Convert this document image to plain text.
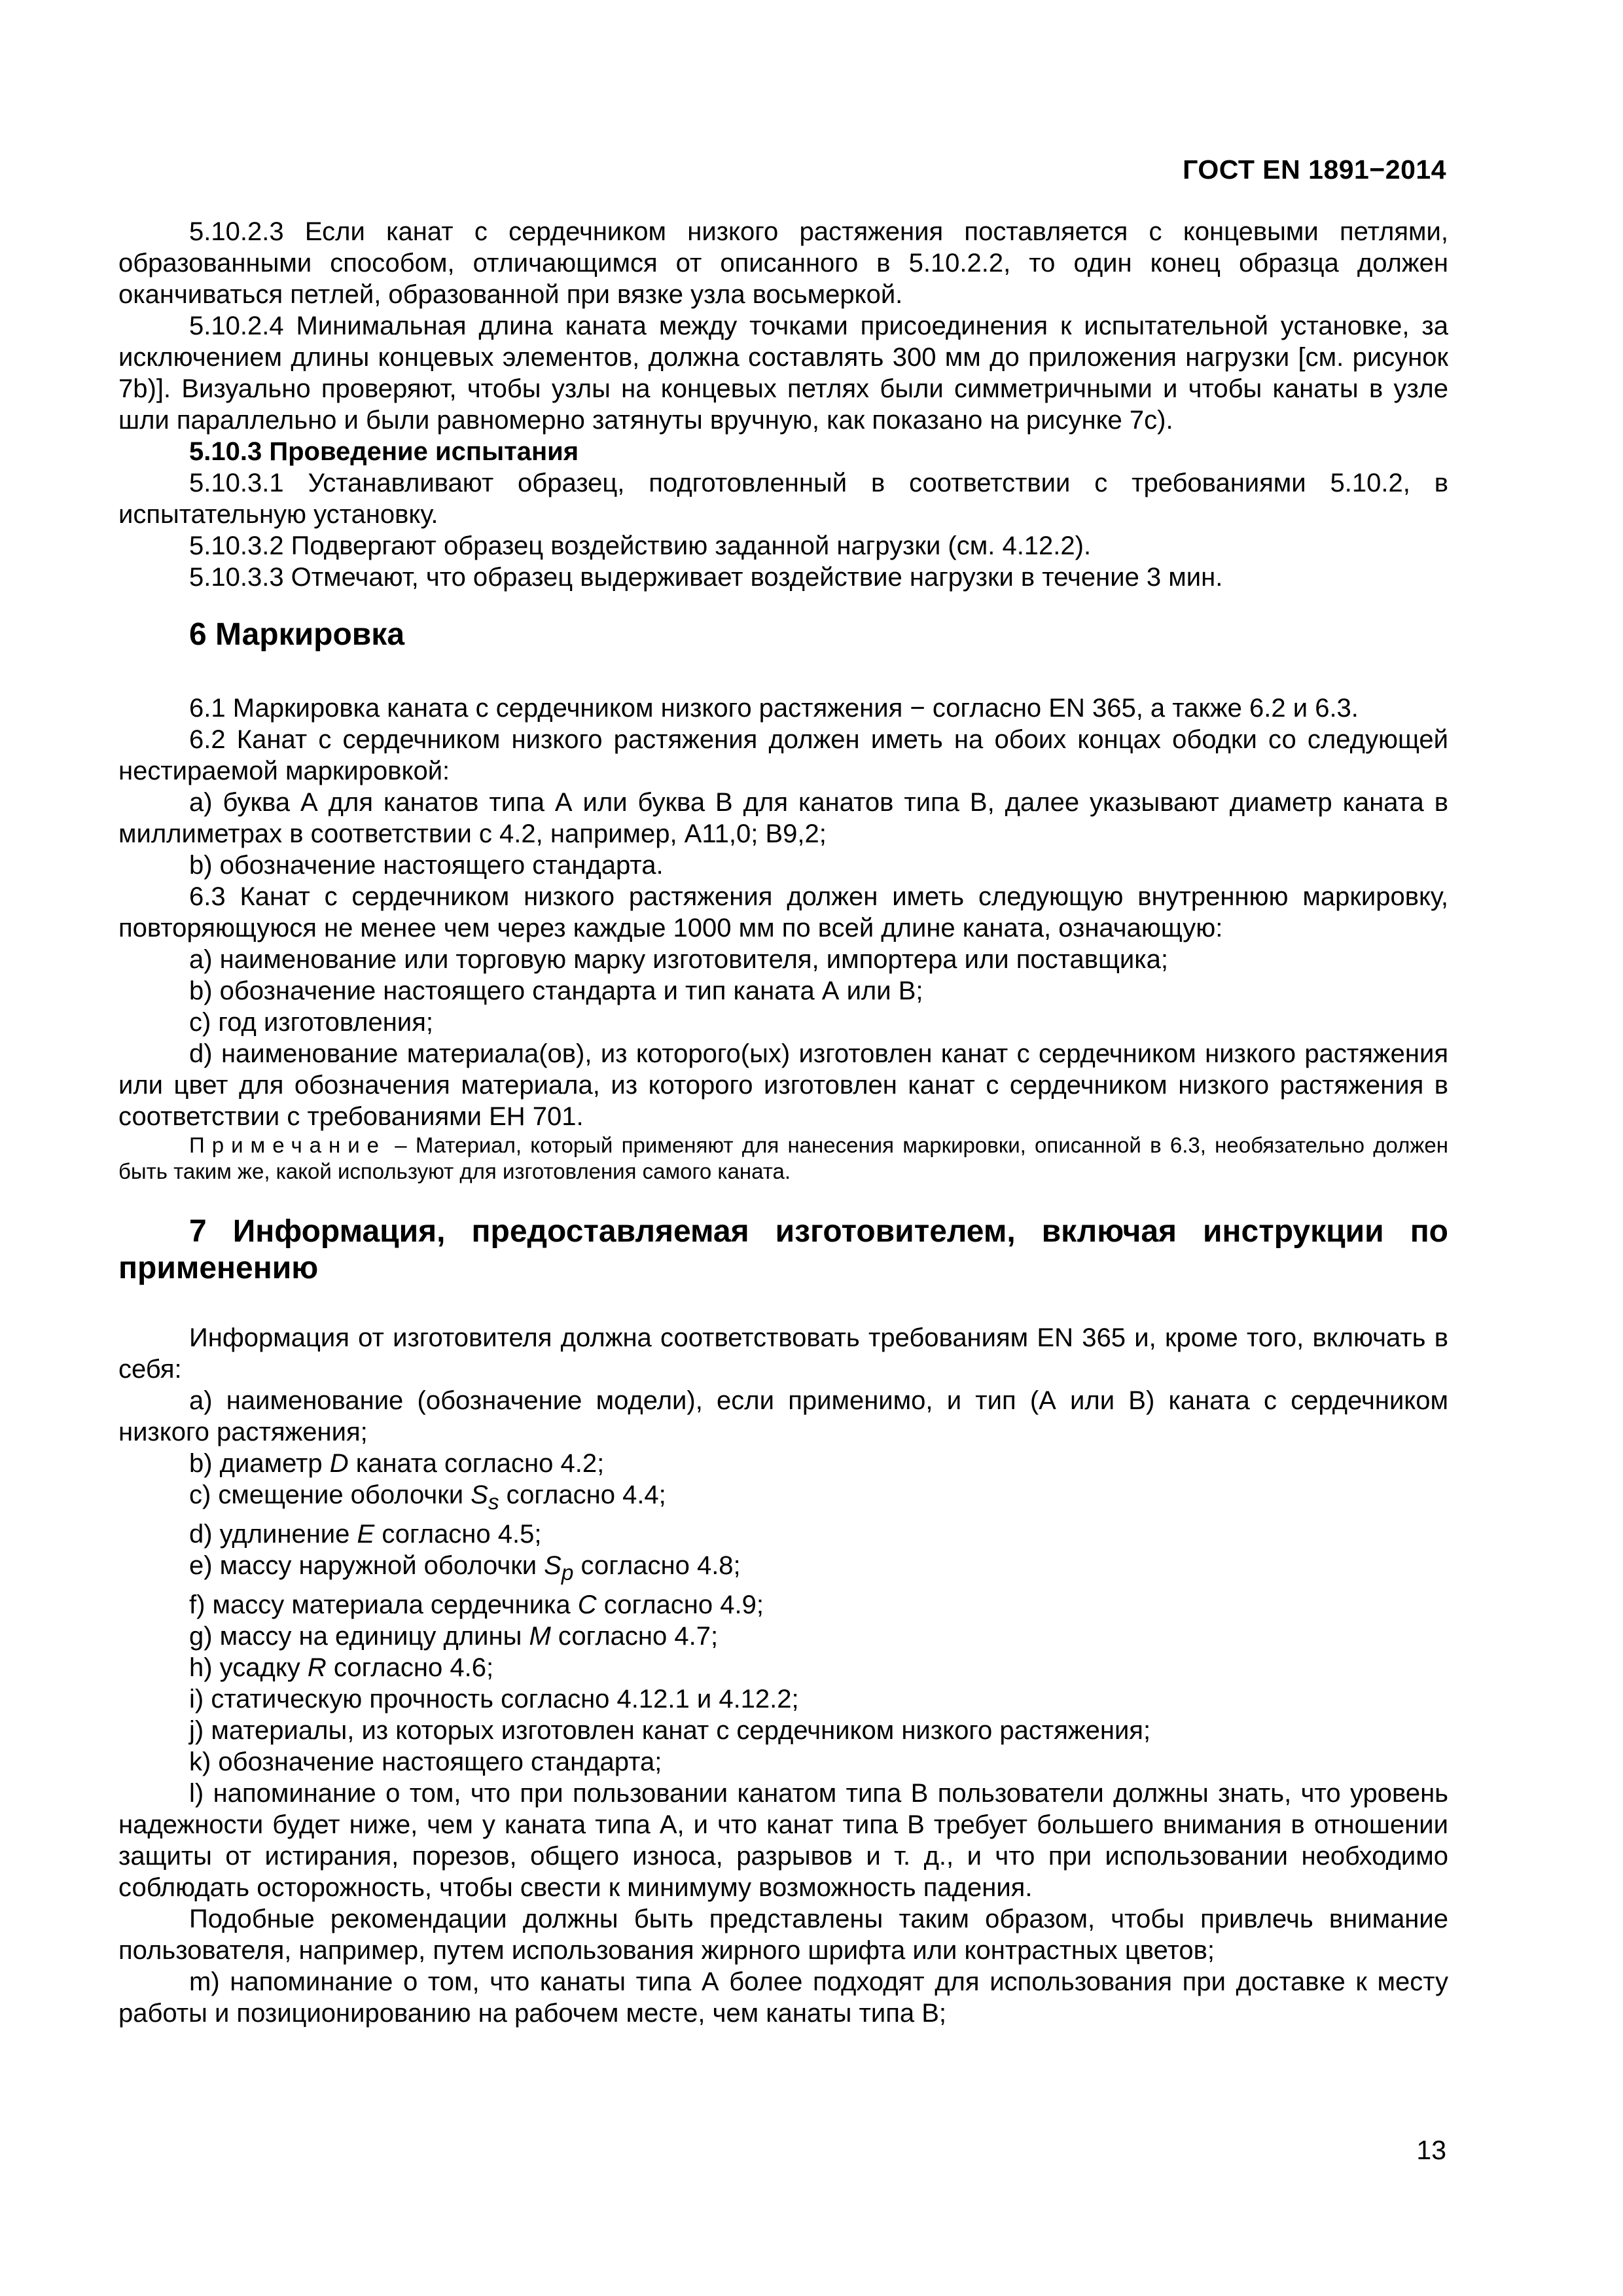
ГОСТ EN 1891−2014

5.10.2.3 Если канат с сердечником низкого растяжения поставляется с концевыми петлями, образованными способом, отличающимся от описанного в 5.10.2.2, то один конец образца должен оканчиваться петлей, образованной при вязке узла восьмеркой.

5.10.2.4 Минимальная длина каната между точками присоединения к испытательной установке, за исключением длины концевых элементов, должна составлять 300 мм до приложения нагрузки [см. рисунок 7b)]. Визуально проверяют, чтобы узлы на концевых петлях были симметричными и чтобы канаты в узле шли параллельно и были равномерно затянуты вручную, как показано на рисунке 7с).

5.10.3 Проведение испытания

5.10.3.1 Устанавливают образец, подготовленный в соответствии с требованиями 5.10.2, в испытательную установку.

5.10.3.2 Подвергают образец воздействию заданной нагрузки (см. 4.12.2).

5.10.3.3 Отмечают, что образец выдерживает воздействие нагрузки в течение 3 мин.

6 Маркировка

6.1 Маркировка каната с сердечником низкого растяжения − согласно EN 365, а также 6.2 и 6.3.

6.2 Канат с сердечником низкого растяжения должен иметь на обоих концах ободки со следующей нестираемой маркировкой:

а) буква А для канатов типа А или буква В для канатов типа В, далее указывают диаметр каната в миллиметрах в соответствии с 4.2, например, А11,0; В9,2;

b) обозначение настоящего стандарта.

6.3 Канат с сердечником низкого растяжения должен иметь следующую внутреннюю маркировку, повторяющуюся не менее чем через каждые 1000 мм по всей длине каната, означающую:

а) наименование или торговую марку изготовителя, импортера или поставщика;

b) обозначение настоящего стандарта и тип каната А или В;

с) год изготовления;

d) наименование материала(ов), из которого(ых) изготовлен канат с сердечником низкого растяжения или цвет для обозначения материала, из которого изготовлен канат с сердечником низкого растяжения в соответствии с требованиями ЕН 701.

Примечание – Материал, который применяют для нанесения маркировки, описанной в 6.3, необязательно должен быть таким же, какой используют для изготовления самого каната.

7 Информация, предоставляемая изготовителем, включая инструкции по применению

Информация от изготовителя должна соответствовать требованиям EN 365 и, кроме того, включать в себя:

а) наименование (обозначение модели), если применимо, и тип (А или В) каната с сердечником низкого растяжения;

b) диаметр D каната согласно 4.2;

с) смещение оболочки $S_s$ согласно 4.4;

d) удлинение Е согласно 4.5;

е) массу наружной оболочки $S_p$ согласно 4.8;

f) массу материала сердечника С согласно 4.9;

g) массу на единицу длины М согласно 4.7;

h) усадку R согласно 4.6;

i) статическую прочность согласно 4.12.1 и 4.12.2;

j) материалы, из которых изготовлен канат с сердечником низкого растяжения;

k) обозначение настоящего стандарта;

l) напоминание о том, что при пользовании канатом типа В пользователи должны знать, что уровень надежности будет ниже, чем у каната типа А, и что канат типа В требует большего внимания в отношении защиты от истирания, порезов, общего износа, разрывов и т. д., и что при использовании необходимо соблюдать осторожность, чтобы свести к минимуму возможность падения.

Подобные рекомендации должны быть представлены таким образом, чтобы привлечь внимание пользователя, например, путем использования жирного шрифта или контрастных цветов;

m) напоминание о том, что канаты типа А более подходят для использования при доставке к месту работы и позиционированию на рабочем месте, чем канаты типа В;

13
